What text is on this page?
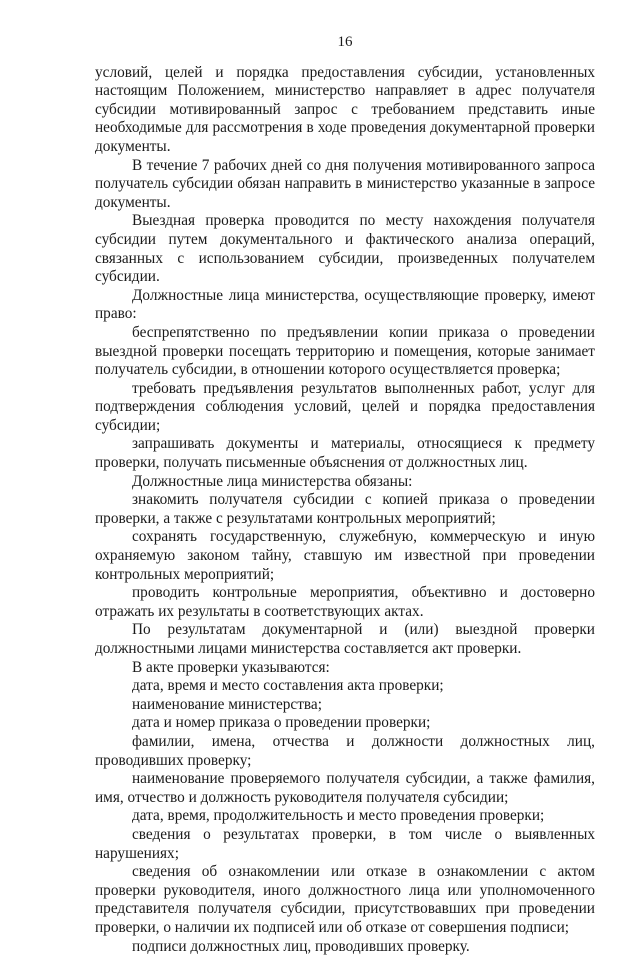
16

условий, целей и порядка предоставления субсидии, установленных настоящим Положением, министерство направляет в адрес получателя субсидии мотивированный запрос с требованием представить иные необходимые для рассмотрения в ходе проведения документарной проверки документы.

В течение 7 рабочих дней со дня получения мотивированного запроса получатель субсидии обязан направить в министерство указанные в запросе документы.

Выездная проверка проводится по месту нахождения получателя субсидии путем документального и фактического анализа операций, связанных с использованием субсидии, произведенных получателем субсидии.

Должностные лица министерства, осуществляющие проверку, имеют право:

беспрепятственно по предъявлении копии приказа о проведении выездной проверки посещать территорию и помещения, которые занимает получатель субсидии, в отношении которого осуществляется проверка;

требовать предъявления результатов выполненных работ, услуг для подтверждения соблюдения условий, целей и порядка предоставления субсидии;

запрашивать документы и материалы, относящиеся к предмету проверки, получать письменные объяснения от должностных лиц.

Должностные лица министерства обязаны:

знакомить получателя субсидии с копией приказа о проведении проверки, а также с результатами контрольных мероприятий;

сохранять государственную, служебную, коммерческую и иную охраняемую законом тайну, ставшую им известной при проведении контрольных мероприятий;

проводить контрольные мероприятия, объективно и достоверно отражать их результаты в соответствующих актах.

По результатам документарной и (или) выездной проверки должностными лицами министерства составляется акт проверки.

В акте проверки указываются:

дата, время и место составления акта проверки;

наименование министерства;

дата и номер приказа о проведении проверки;

фамилии, имена, отчества и должности должностных лиц, проводивших проверку;

наименование проверяемого получателя субсидии, а также фамилия, имя, отчество и должность руководителя получателя субсидии;

дата, время, продолжительность и место проведения проверки;

сведения о результатах проверки, в том числе о выявленных нарушениях;

сведения об ознакомлении или отказе в ознакомлении с актом проверки руководителя, иного должностного лица или уполномоченного представителя получателя субсидии, присутствовавших при проведении проверки, о наличии их подписей или об отказе от совершения подписи;

подписи должностных лиц, проводивших проверку.
